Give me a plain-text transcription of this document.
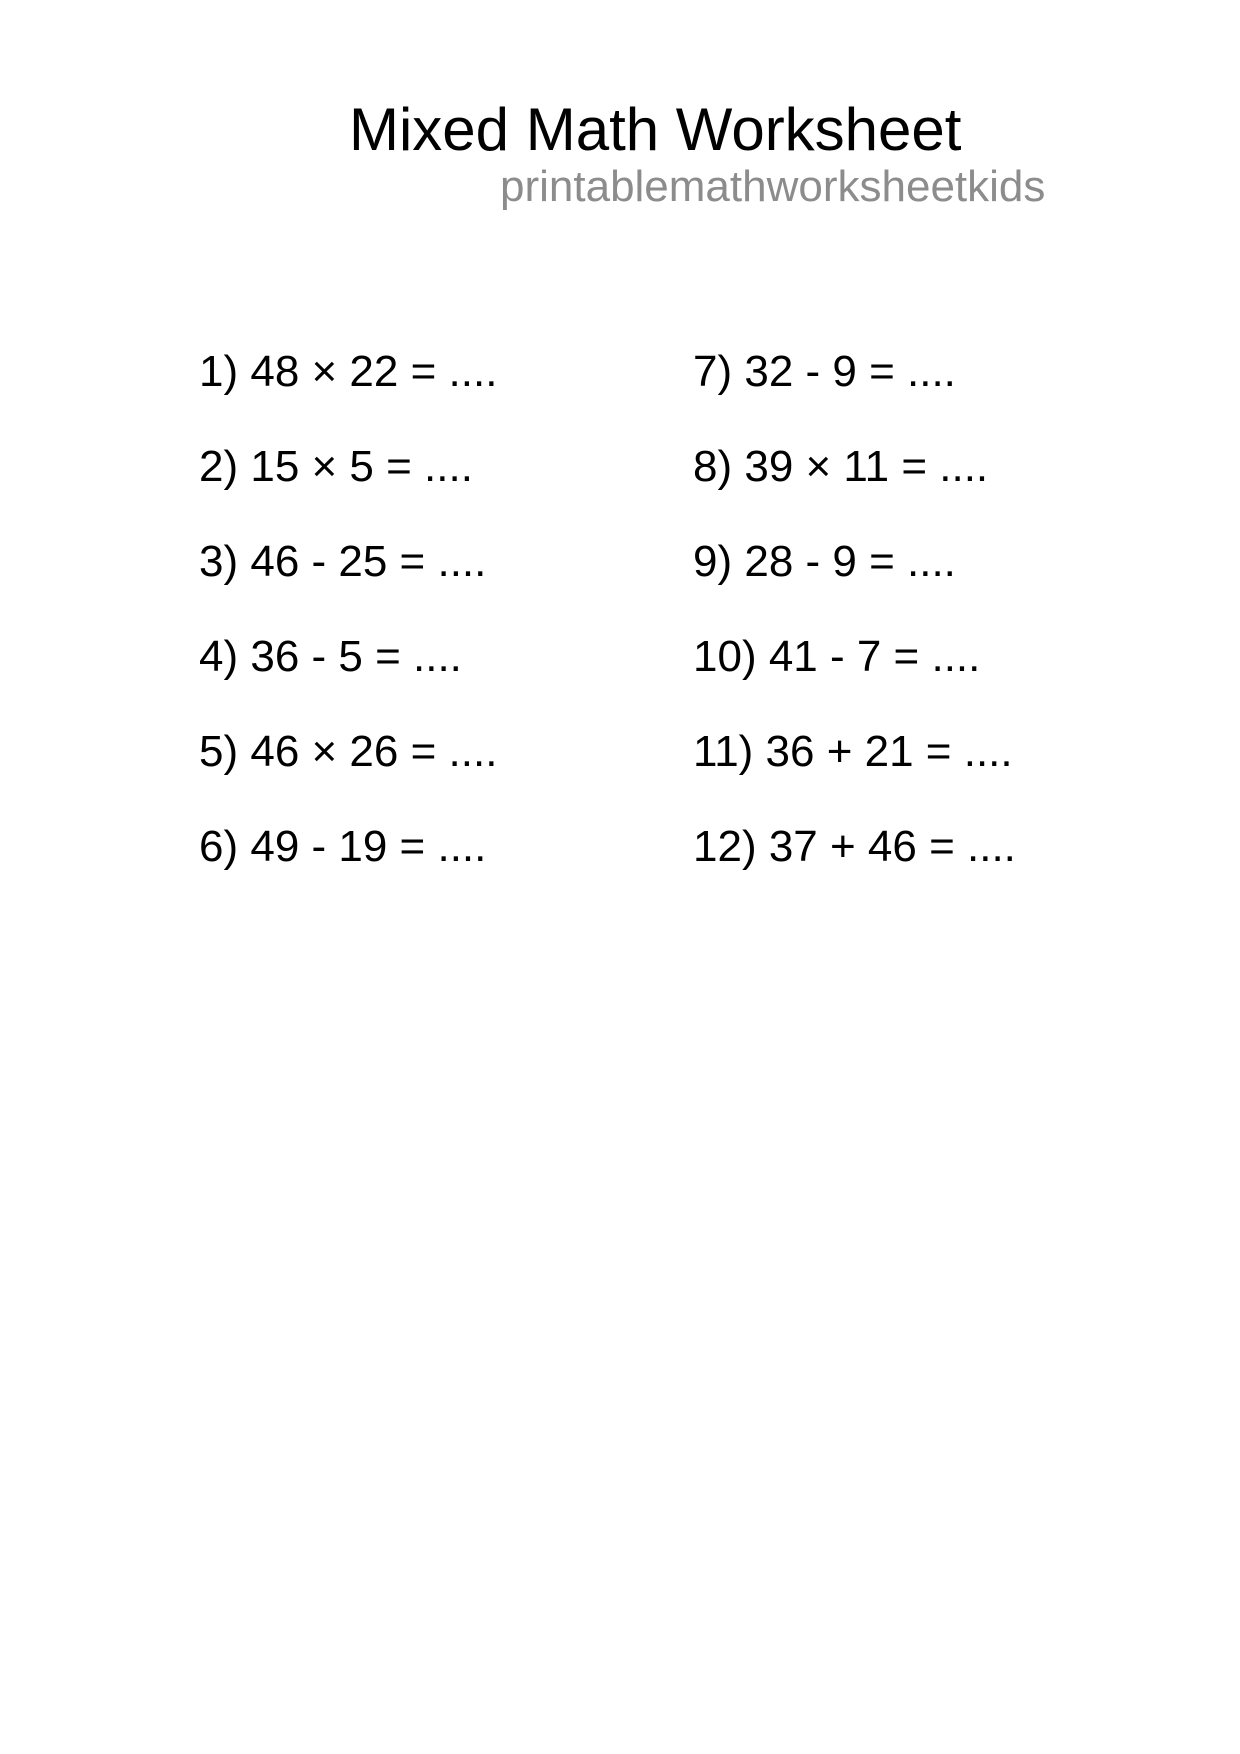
Mixed Math Worksheet
printablemathworksheetkids
1) 48 × 22 = ....
2) 15 × 5 = ....
3) 46 - 25 = ....
4) 36 - 5 = ....
5) 46 × 26 = ....
6) 49 - 19 = ....
7) 32 - 9 = ....
8) 39 × 11 = ....
9) 28 - 9 = ....
10) 41 - 7 = ....
11) 36 + 21 = ....
12) 37 + 46 = ....
